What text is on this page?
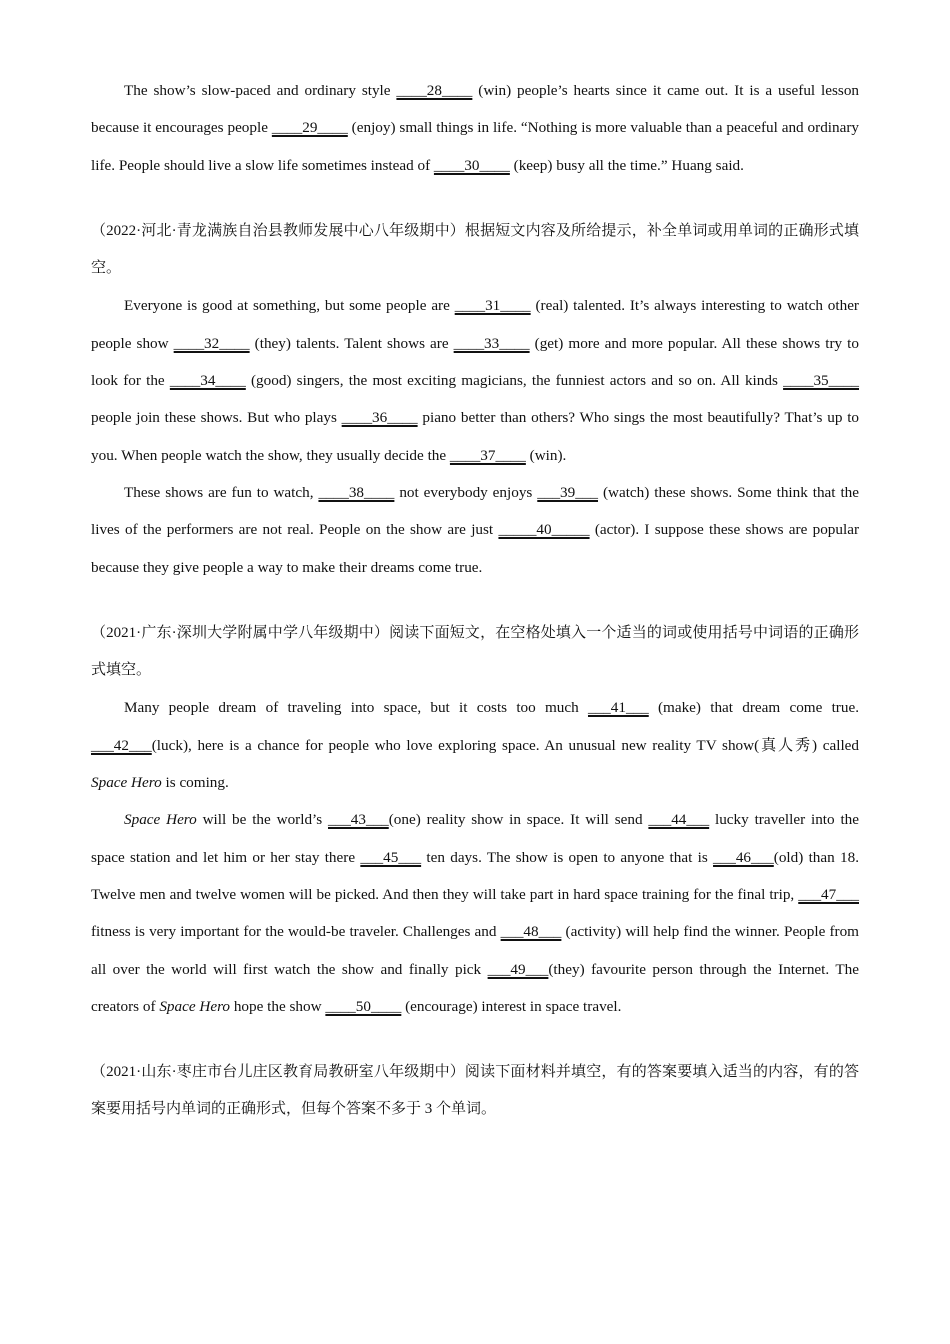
The show’s slow-paced and ordinary style ____28____ (win) people’s hearts since it came out. It is a useful lesson because it encourages people ____29____ (enjoy) small things in life. “Nothing is more valuable than a peaceful and ordinary life. People should live a slow life sometimes instead of ____30____ (keep) busy all the time.” Huang said.

（2022·河北·青龙满族自治县教师发展中心八年级期中）根据短文内容及所给提示，补全单词或用单词的正确形式填空。

Everyone is good at something, but some people are ____31____ (real) talented. It’s always interesting to watch other people show ____32____ (they) talents. Talent shows are ____33____ (get) more and more popular. All these shows try to look for the ____34____ (good) singers, the most exciting magicians, the funniest actors and so on. All kinds ____35____ people join these shows. But who plays ____36____ piano better than others? Who sings the most beautifully? That’s up to you. When people watch the show, they usually decide the ____37____ (win).

These shows are fun to watch, ____38____ not everybody enjoys ___39___ (watch) these shows. Some think that the lives of the performers are not real. People on the show are just _____40_____ (actor). I suppose these shows are popular because they give people a way to make their dreams come true.

（2021·广东·深圳大学附属中学八年级期中）阅读下面短文，在空格处填入一个适当的词或使用括号中词语的正确形式填空。

Many people dream of traveling into space, but it costs too much ___41___ (make) that dream come true. ___42___(luck), here is a chance for people who love exploring space. An unusual new reality TV show(真人秀) called Space Hero is coming.

Space Hero will be the world’s ___43___(one) reality show in space. It will send ___44___ lucky traveller into the space station and let him or her stay there ___45___ ten days. The show is open to anyone that is ___46___(old) than 18. Twelve men and twelve women will be picked. And then they will take part in hard space training for the final trip, ___47___ fitness is very important for the would-be traveler. Challenges and ___48___ (activity) will help find the winner. People from all over the world will first watch the show and finally pick ___49___(they) favourite person through the Internet. The creators of Space Hero hope the show ____50____ (encourage) interest in space travel.

（2021·山东·枣庄市台儿庄区教育局教研室八年级期中）阅读下面材料并填空，有的答案要填入适当的内容，有的答案要用括号内单词的正确形式，但每个答案不多于 3 个单词。
